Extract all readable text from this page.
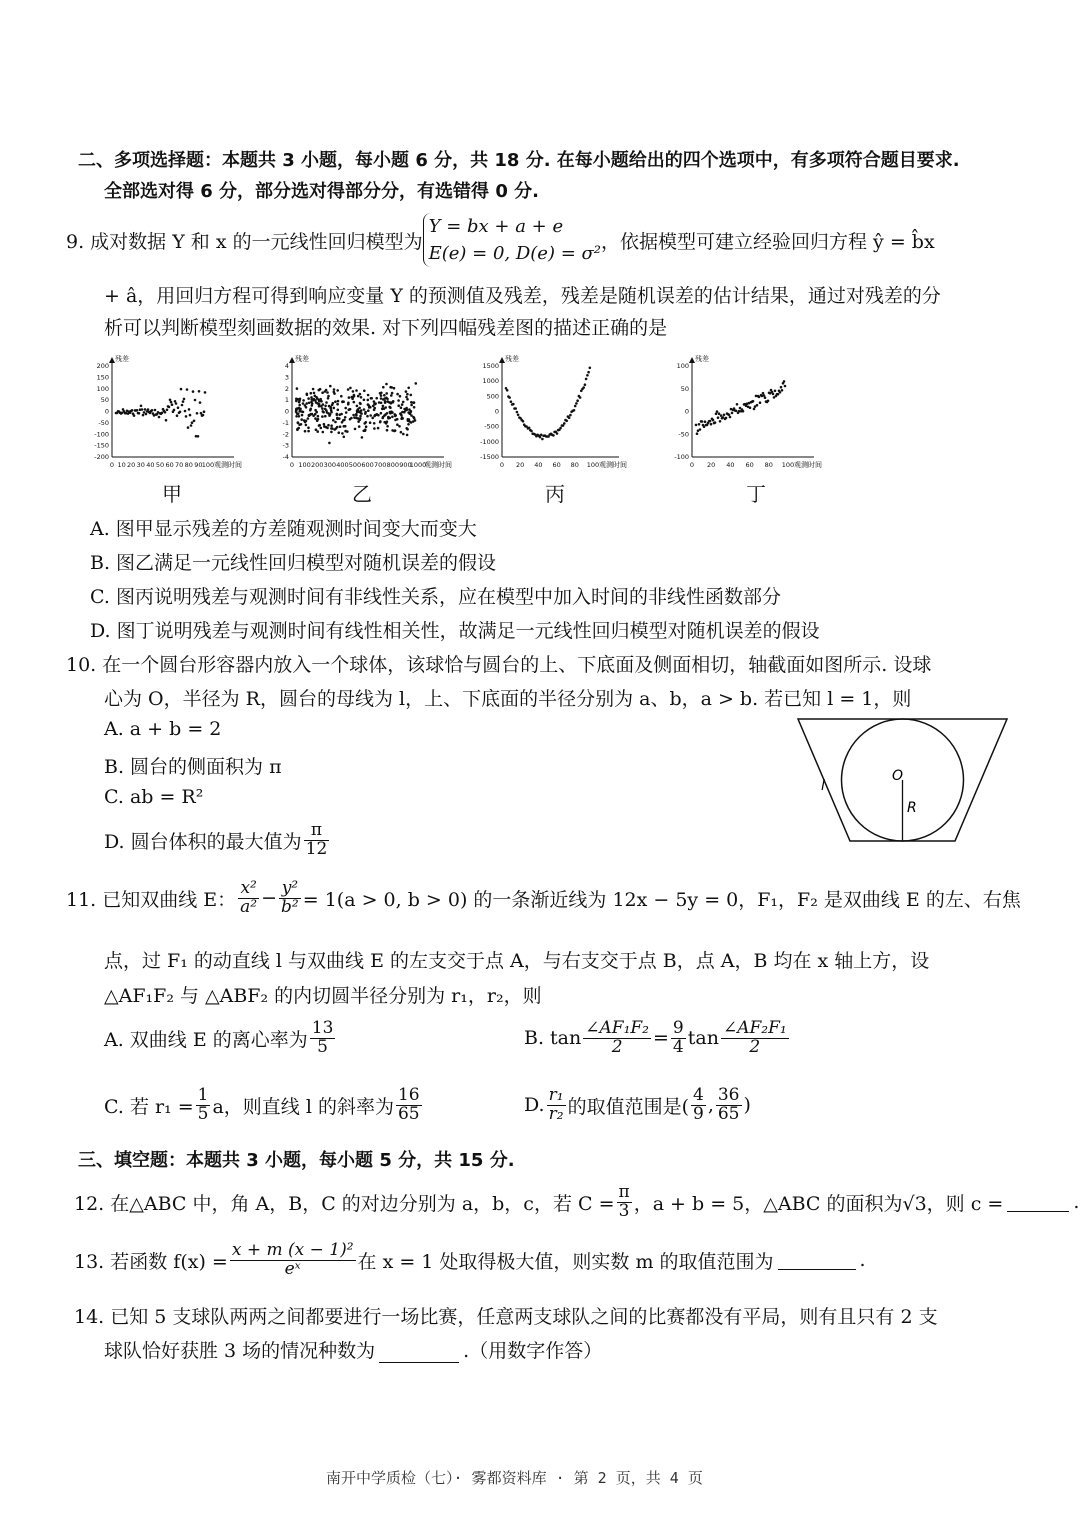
二、多项选择题：本题共 3 小题，每小题 6 分，共 18 分. 在每小题给出的四个选项中，有多项符合题目要求.
全部选对得 6 分，部分选对得部分分，有选错得 0 分.
9. 成对数据 Y 和 x 的一元线性回归模型为
Y = bx + a + e
E(e) = 0, D(e) = σ²
，依据模型可建立经验回归方程 ŷ = b̂x
+ â，用回归方程可得到响应变量 Y 的预测值及残差，残差是随机误差的估计结果，通过对残差的分
析可以判断模型刻画数据的效果. 对下列四幅残差图的描述正确的是
残差
观测时间
200
150
100
50
0
-50
-100
-150
-200
0 10 20 30 40 50 60 70 80 90 100
残差
观测时间
4
3
2
1
0
-1
-2
-3
-4
0 100 200 300 400 500 600 700 800 900
1000
残差
观测时间
1500
1000
500
0
-500
-1000
-1500
0 20 40 60 80 100
残差
观测时间
100
50
0
-50
-100
0 20 40 60 80 100
甲	乙	丙	丁
A. 图甲显示残差的方差随观测时间变大而变大
B. 图乙满足一元线性回归模型对随机误差的假设
C. 图丙说明残差与观测时间有非线性关系，应在模型中加入时间的非线性函数部分
D. 图丁说明残差与观测时间有线性相关性，故满足一元线性回归模型对随机误差的假设
10. 在一个圆台形容器内放入一个球体，该球恰与圆台的上、下底面及侧面相切，轴截面如图所示. 设球
心为 O，半径为 R，圆台的母线为 l，上、下底面的半径分别为 a、b，a > b. 若已知 l = 1，则
A. a + b = 2
B. 圆台的侧面积为 π
C. ab = R²
D. 圆台体积的最大值为 $\frac{\pi}{12}$
l
O
R
11. 已知双曲线 E： $\frac{\text{x²}}{\text{a²}} - \frac{\text{y²}}{\text{b²}} = 1(a > 0$, b > 0) 的一条渐近线为 12x − 5y = 0，F₁，F₂ 是双曲线 E 的左、右焦
点，过 F₁ 的动直线 l 与双曲线 E 的左支交于点 A，与右支交于点 B，点 A，B 均在 x 轴上方，设
△AF₁F₂ 与 △ABF₂ 的内切圆半径分别为 r₁，r₂，则
A. 双曲线 E 的离心率为 $\frac{13}{5}$	B. $\tan \frac{\text{∠AF₁F₂}}{2} = \frac{9}{4}$ $\tan \frac{\text{∠AF₂F₁}}{2}$
C. 若 $r_1 = \frac{1}{5}$ a，则直线 l 的斜率为 $\frac{16}{65}$	D. $\frac{\text{r₁}}{\text{r₂}}$ 的取值范围是( $\frac{4}{9}$ , $\frac{36}{65}$ )
三、填空题：本题共 3 小题，每小题 5 分，共 15 分.
12. 在△ABC 中，角 A，B，C 的对边分别为 a，b，c，若 $C = \frac{\pi}{3}$ ，a + b = 5，△ABC 的面积为√3，则 c =	.
13. 若函数 $f(x) = \frac{\text{x + m (x − 1)²}}{\text{eˣ}}$ 在 x = 1 处取得极大值，则实数 m 的取值范围为	.
14. 已知 5 支球队两两之间都要进行一场比赛，任意两支球队之间的比赛都没有平局，则有且只有 2 支
球队恰好获胜 3 场的情况种数为	.（用数字作答）
南开中学质检（七）· 雾都资料库 · 第 2 页，共 4 页
